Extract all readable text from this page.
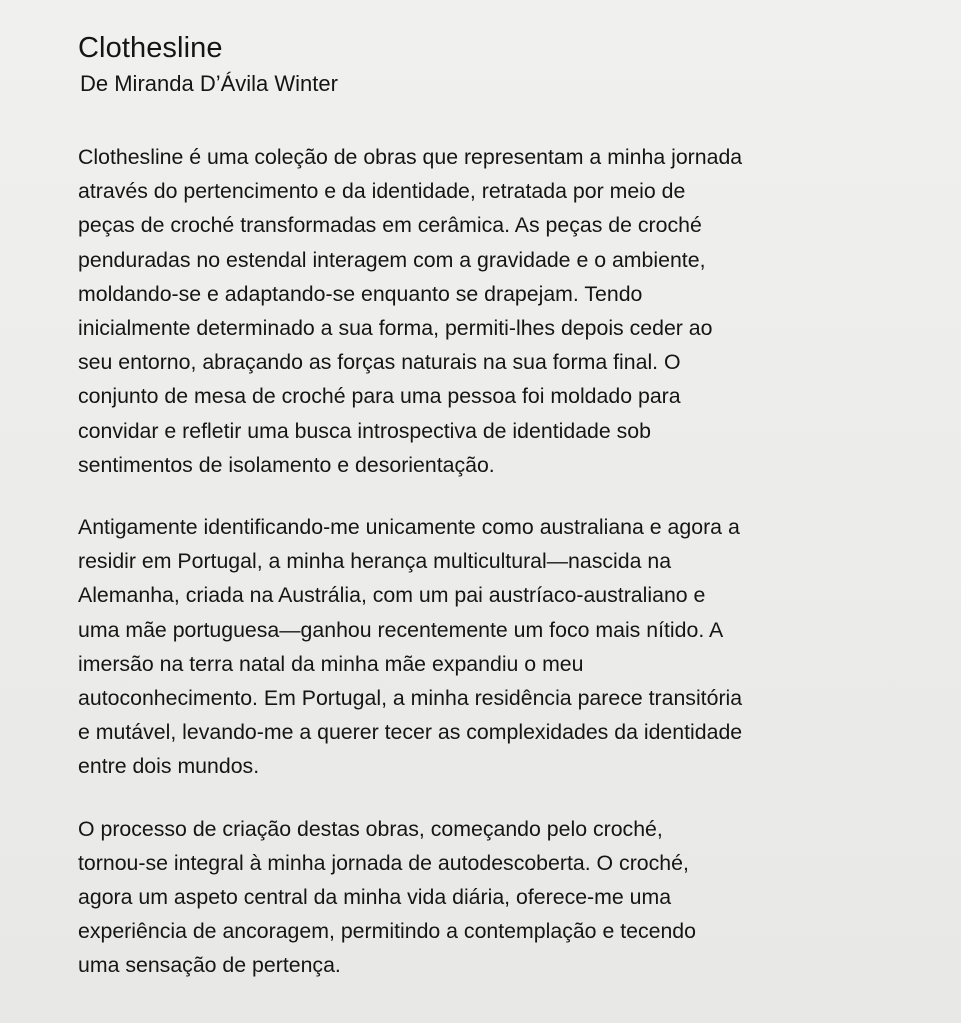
Clothesline
De Miranda D’Ávila Winter
Clothesline é uma coleção de obras que representam a minha jornada
através do pertencimento e da identidade, retratada por meio de
peças de croché transformadas em cerâmica. As peças de croché
penduradas no estendal interagem com a gravidade e o ambiente,
moldando-se e adaptando-se enquanto se drapejam. Tendo
inicialmente determinado a sua forma, permiti-lhes depois ceder ao
seu entorno, abraçando as forças naturais na sua forma final. O
conjunto de mesa de croché para uma pessoa foi moldado para
convidar e refletir uma busca introspectiva de identidade sob
sentimentos de isolamento e desorientação.
Antigamente identificando-me unicamente como australiana e agora a
residir em Portugal, a minha herança multicultural—nascida na
Alemanha, criada na Austrália, com um pai austríaco-australiano e
uma mãe portuguesa—ganhou recentemente um foco mais nítido. A
imersão na terra natal da minha mãe expandiu o meu
autoconhecimento. Em Portugal, a minha residência parece transitória
e mutável, levando-me a querer tecer as complexidades da identidade
entre dois mundos.
O processo de criação destas obras, começando pelo croché,
tornou-se integral à minha jornada de autodescoberta. O croché,
agora um aspeto central da minha vida diária, oferece-me uma
experiência de ancoragem, permitindo a contemplação e tecendo
uma sensação de pertença.
